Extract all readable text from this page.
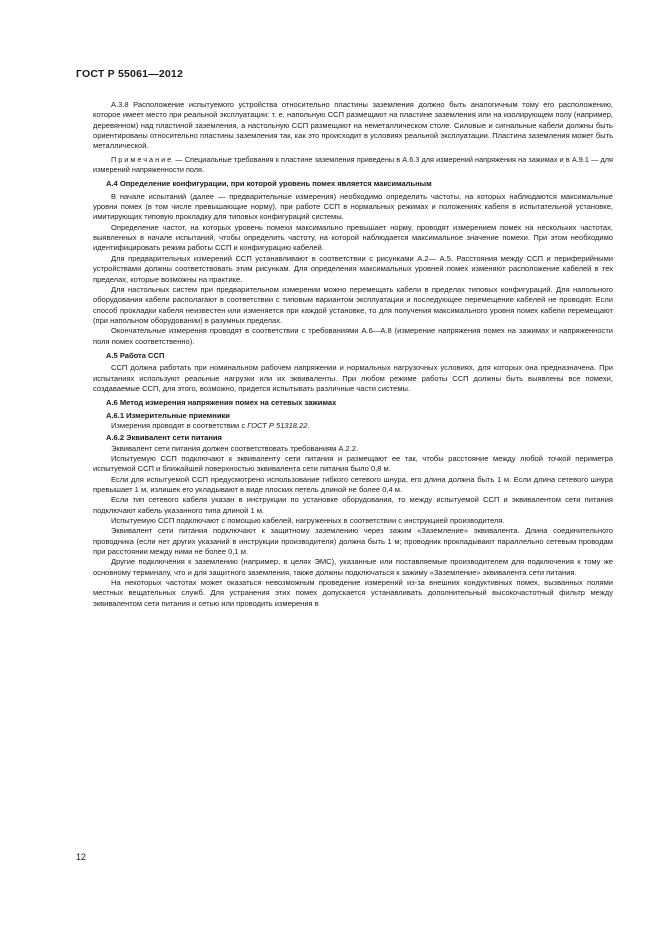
ГОСТ Р 55061—2012

А.3.8 Расположение испытуемого устройства относительно пластины заземления должно быть аналогичным тому его расположению, которое имеет место при реальной эксплуатации: т. е. напольную ССП размещают на пластине заземления или на изолирующем полу (например, деревянном) над пластиной заземления, а настольную ССП размещают на неметаллическом столе. Силовые и сигнальные кабели должны быть ориентированы относительно пластины заземления так, как это происходит в условиях реальной эксплуатации. Пластина заземления может быть металлической.

Примечание — Специальные требования к пластине заземления приведены в А.6.3 для измерений напряжения на зажимах и в А.9.1 — для измерений напряженности поля.

А.4 Определение конфигурации, при которой уровень помех является максимальным

В начале испытаний (далее — предварительные измерения) необходимо определить частоты, на которых наблюдаются максимальные уровни помех (в том числе превышающие норму), при работе ССП в нормальных режимах и положениях кабеля в испытательной установке, имитирующих типовую прокладку для типовых конфигураций системы.

Определение частот, на которых уровень помехи максимально превышает норму, проводят измерением помех на нескольких частотах, выявленных в начале испытаний, чтобы определить частоту, на которой наблюдается максимальное значение помехи. При этом необходимо идентифицировать режим работы ССП и конфигурацию кабелей.

Для предварительных измерений ССП устанавливают в соответствии с рисунками А.2— А.5. Расстояния между ССП и периферийными устройствами должны соответствовать этим рисункам. Для определения максимальных уровней помех изменяют расположение кабелей в тех пределах, которые возможны на практике.

Для настольных систем при предварительном измерении можно перемещать кабели в пределах типовых конфигураций. Для напольного оборудования кабели располагают в соответствии с типовым вариантом эксплуатации и последующее перемещение кабелей не проводят. Если способ прокладки кабеля неизвестен или изменяется при каждой установке, то для получения максимального уровня помех кабели перемещают (при напольном оборудовании) в разумных пределах.

Окончательные измерения проводят в соответствии с требованиями А.6—А.8 (измерение напряжения помех на зажимах и напряженности поля помех соответственно).

А.5 Работа ССП

ССП должна работать при номинальном рабочем напряжении и нормальных нагрузочных условиях, для которых она предназначена. При испытаниях используют реальные нагрузки или их эквиваленты. При любом режиме работы ССП должны быть выявлены все помехи, создаваемые ССП, для этого, возможно, придется испытывать различные части системы.

А.6 Метод измерения напряжения помех на сетевых зажимах

А.6.1 Измерительные приемники

Измерения проводят в соответствии с ГОСТ Р 51318.22.

А.6.2 Эквивалент сети питания

Эквивалент сети питания должен соответствовать требованиям А.2.2.

Испытуемую ССП подключают к эквиваленту сети питания и размещают ее так, чтобы расстояние между любой точкой периметра испытуемой ССП и ближайшей поверхностью эквивалента сети питания было 0,8 м.

Если для испытуемой ССП предусмотрено использование гибкого сетевого шнура, его длина должна быть 1 м. Если длина сетевого шнура превышает 1 м, излишек его укладывают в виде плоских петель длиной не более 0,4 м.

Если тип сетевого кабеля указан в инструкции по установке оборудования, то между испытуемой ССП и эквивалентом сети питания подключают кабель указанного типа длиной 1 м.

Испытуемую ССП подключают с помощью кабелей, нагруженных в соответствии с инструкцией производителя.

Эквивалент сети питания подключают к защитному заземлению через зажим «Заземление» эквивалента. Длина соединительного проводника (если нет других указаний в инструкции производителя) должна быть 1 м; проводник прокладывают параллельно сетевым проводам при расстоянии между ними не более 0,1 м.

Другие подключения к заземлению (например, в целях ЭМС), указанные или поставляемые производителем для подключения к тому же основному терминалу, что и для защитного заземления, также должны подключаться к зажиму «Заземление» эквивалента сети питания.

На некоторых частотах может оказаться невозможным проведение измерений из-за внешних кондуктивных помех, вызванных полями местных вещательных служб. Для устранения этих помех допускается устанавливать дополнительный высокочастотный фильтр между эквивалентом сети питания и сетью или проводить измерения в

12
